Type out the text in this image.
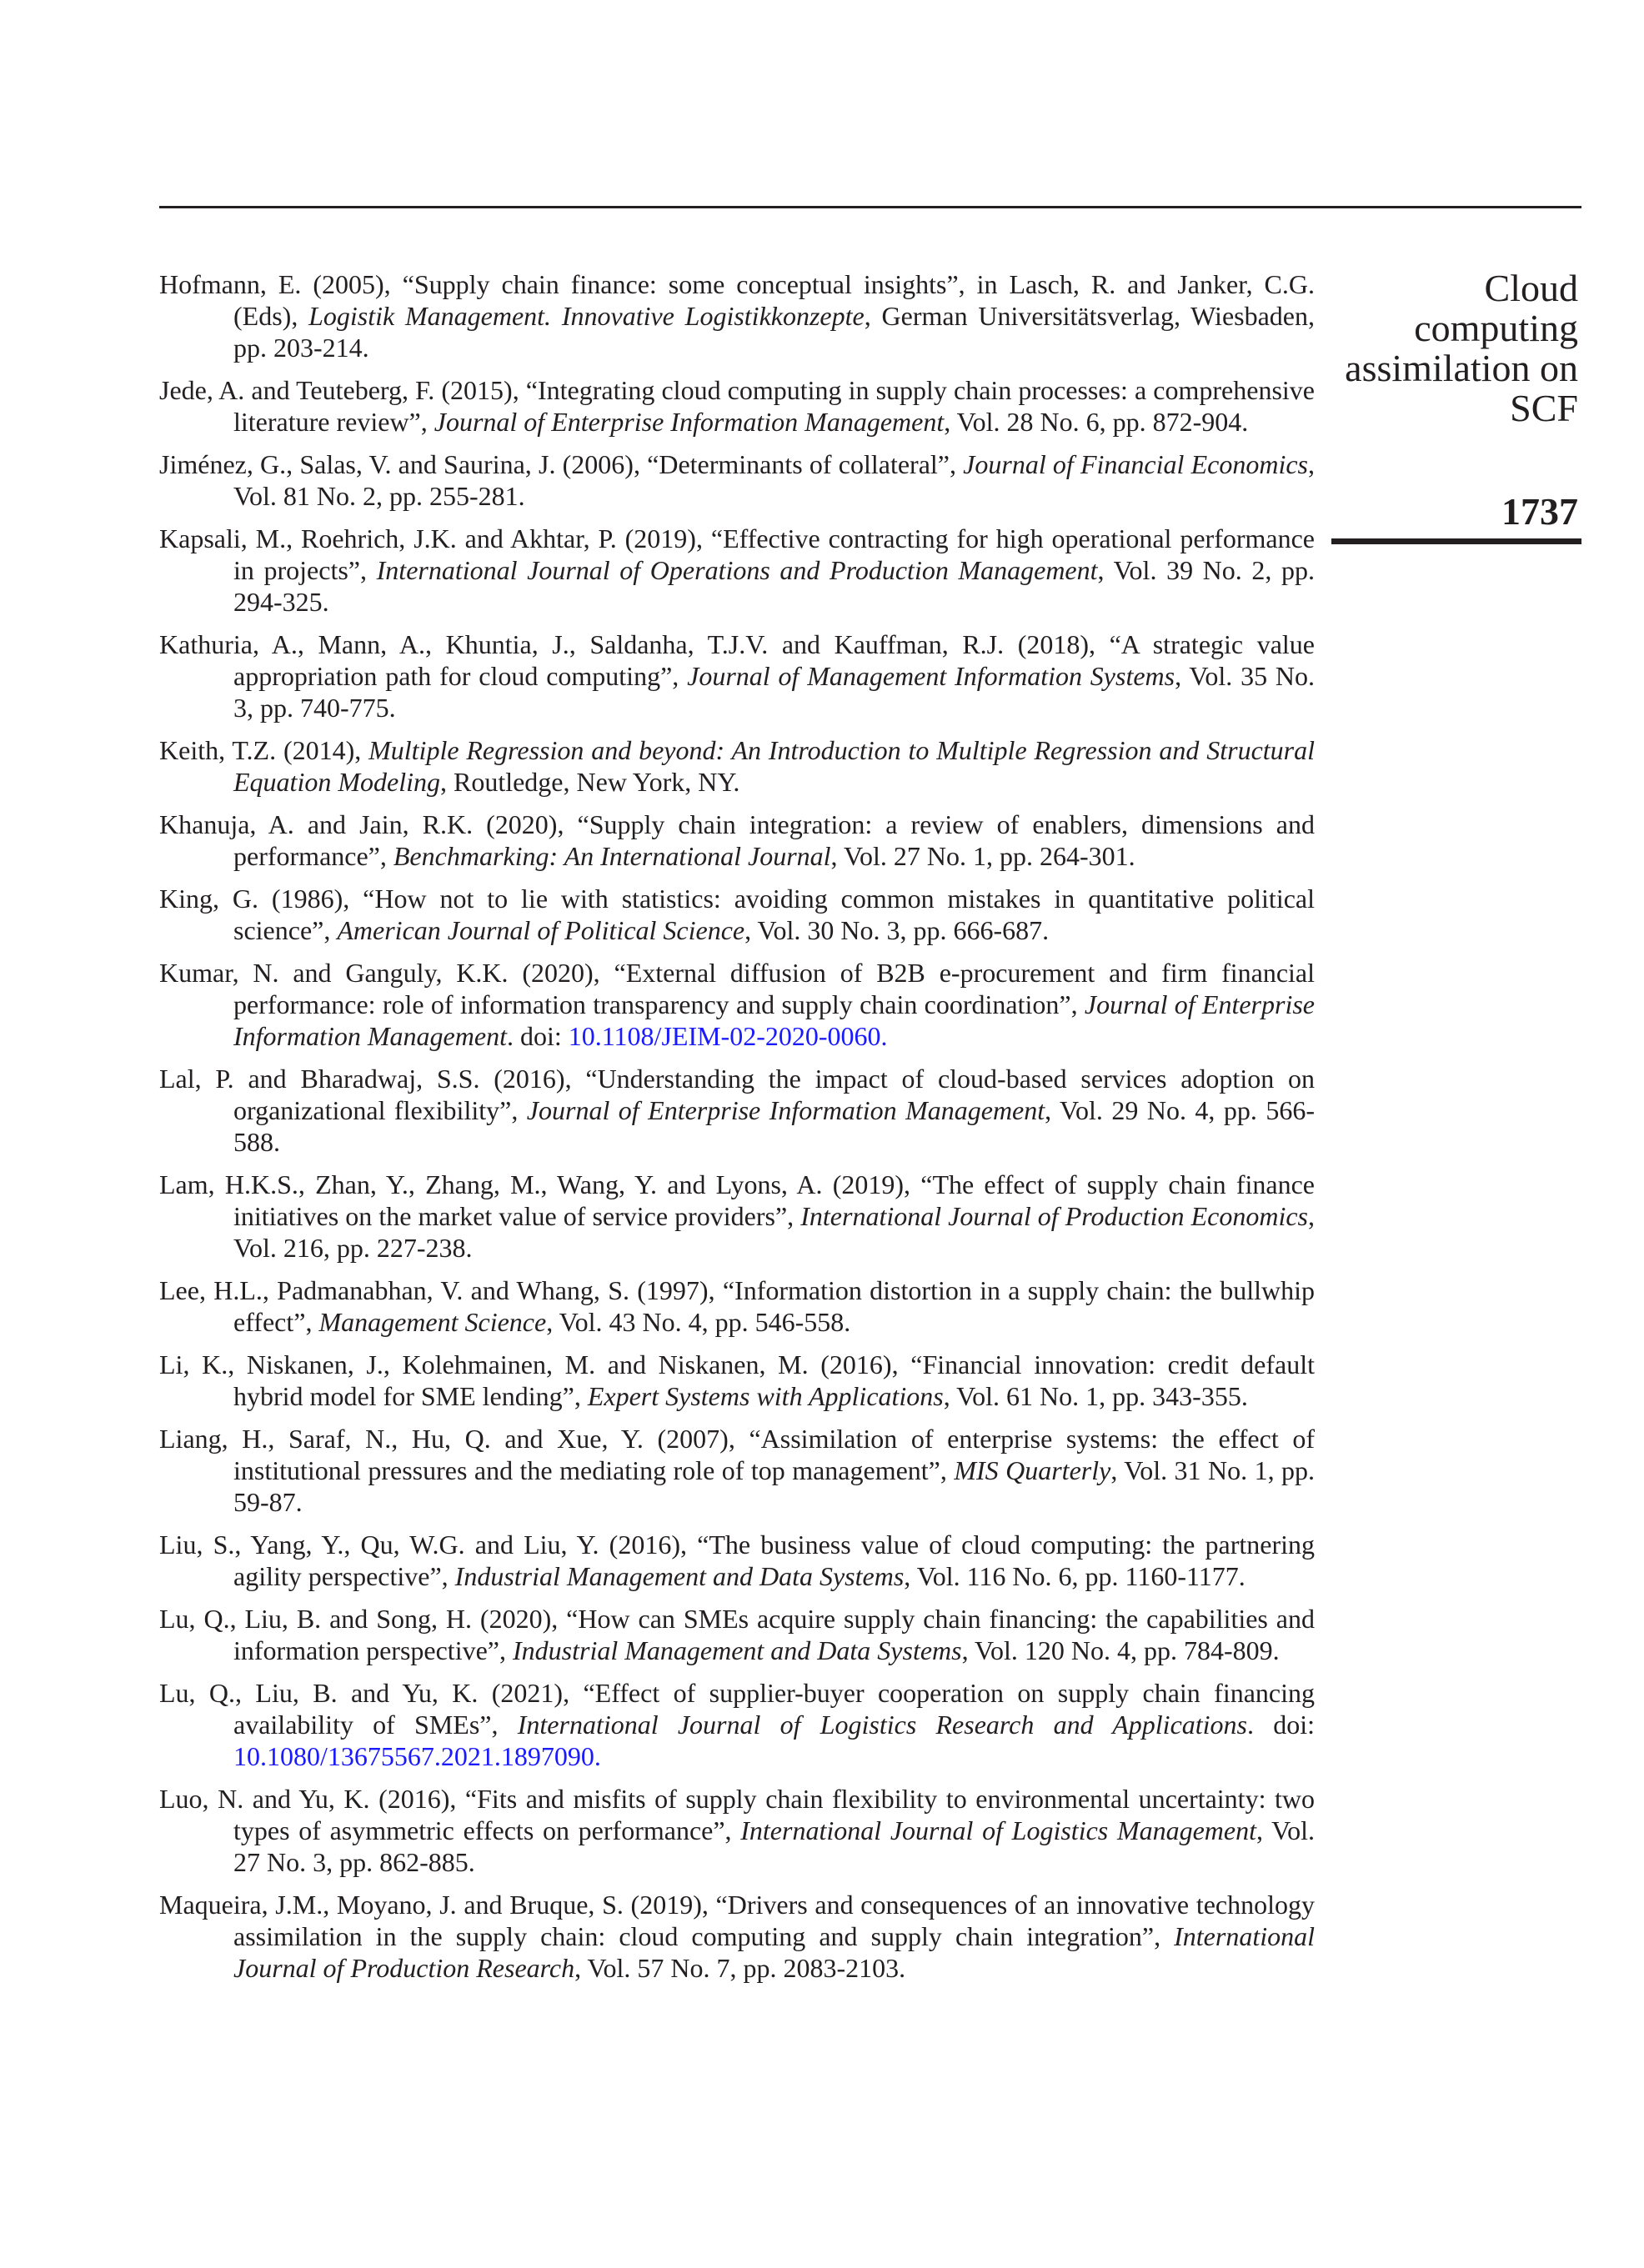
Cloud
computing
assimilation on
SCF
1737
Hofmann, E. (2005), “Supply chain finance: some conceptual insights”, in Lasch, R. and Janker, C.G. (Eds), Logistik Management. Innovative Logistikkonzepte, German Universitätsverlag, Wiesbaden, pp. 203-214.
Jede, A. and Teuteberg, F. (2015), “Integrating cloud computing in supply chain processes: a comprehensive literature review”, Journal of Enterprise Information Management, Vol. 28 No. 6, pp. 872-904.
Jiménez, G., Salas, V. and Saurina, J. (2006), “Determinants of collateral”, Journal of Financial Economics, Vol. 81 No. 2, pp. 255-281.
Kapsali, M., Roehrich, J.K. and Akhtar, P. (2019), “Effective contracting for high operational performance in projects”, International Journal of Operations and Production Management, Vol. 39 No. 2, pp. 294-325.
Kathuria, A., Mann, A., Khuntia, J., Saldanha, T.J.V. and Kauffman, R.J. (2018), “A strategic value appropriation path for cloud computing”, Journal of Management Information Systems, Vol. 35 No. 3, pp. 740-775.
Keith, T.Z. (2014), Multiple Regression and beyond: An Introduction to Multiple Regression and Structural Equation Modeling, Routledge, New York, NY.
Khanuja, A. and Jain, R.K. (2020), “Supply chain integration: a review of enablers, dimensions and performance”, Benchmarking: An International Journal, Vol. 27 No. 1, pp. 264-301.
King, G. (1986), “How not to lie with statistics: avoiding common mistakes in quantitative political science”, American Journal of Political Science, Vol. 30 No. 3, pp. 666-687.
Kumar, N. and Ganguly, K.K. (2020), “External diffusion of B2B e-procurement and firm financial performance: role of information transparency and supply chain coordination”, Journal of Enterprise Information Management. doi: 10.1108/JEIM-02-2020-0060.
Lal, P. and Bharadwaj, S.S. (2016), “Understanding the impact of cloud-based services adoption on organizational flexibility”, Journal of Enterprise Information Management, Vol. 29 No. 4, pp. 566-588.
Lam, H.K.S., Zhan, Y., Zhang, M., Wang, Y. and Lyons, A. (2019), “The effect of supply chain finance initiatives on the market value of service providers”, International Journal of Production Economics, Vol. 216, pp. 227-238.
Lee, H.L., Padmanabhan, V. and Whang, S. (1997), “Information distortion in a supply chain: the bullwhip effect”, Management Science, Vol. 43 No. 4, pp. 546-558.
Li, K., Niskanen, J., Kolehmainen, M. and Niskanen, M. (2016), “Financial innovation: credit default hybrid model for SME lending”, Expert Systems with Applications, Vol. 61 No. 1, pp. 343-355.
Liang, H., Saraf, N., Hu, Q. and Xue, Y. (2007), “Assimilation of enterprise systems: the effect of institutional pressures and the mediating role of top management”, MIS Quarterly, Vol. 31 No. 1, pp. 59-87.
Liu, S., Yang, Y., Qu, W.G. and Liu, Y. (2016), “The business value of cloud computing: the partnering agility perspective”, Industrial Management and Data Systems, Vol. 116 No. 6, pp. 1160-1177.
Lu, Q., Liu, B. and Song, H. (2020), “How can SMEs acquire supply chain financing: the capabilities and information perspective”, Industrial Management and Data Systems, Vol. 120 No. 4, pp. 784-809.
Lu, Q., Liu, B. and Yu, K. (2021), “Effect of supplier-buyer cooperation on supply chain financing availability of SMEs”, International Journal of Logistics Research and Applications. doi: 10.1080/13675567.2021.1897090.
Luo, N. and Yu, K. (2016), “Fits and misfits of supply chain flexibility to environmental uncertainty: two types of asymmetric effects on performance”, International Journal of Logistics Management, Vol. 27 No. 3, pp. 862-885.
Maqueira, J.M., Moyano, J. and Bruque, S. (2019), “Drivers and consequences of an innovative technology assimilation in the supply chain: cloud computing and supply chain integration”, International Journal of Production Research, Vol. 57 No. 7, pp. 2083-2103.
